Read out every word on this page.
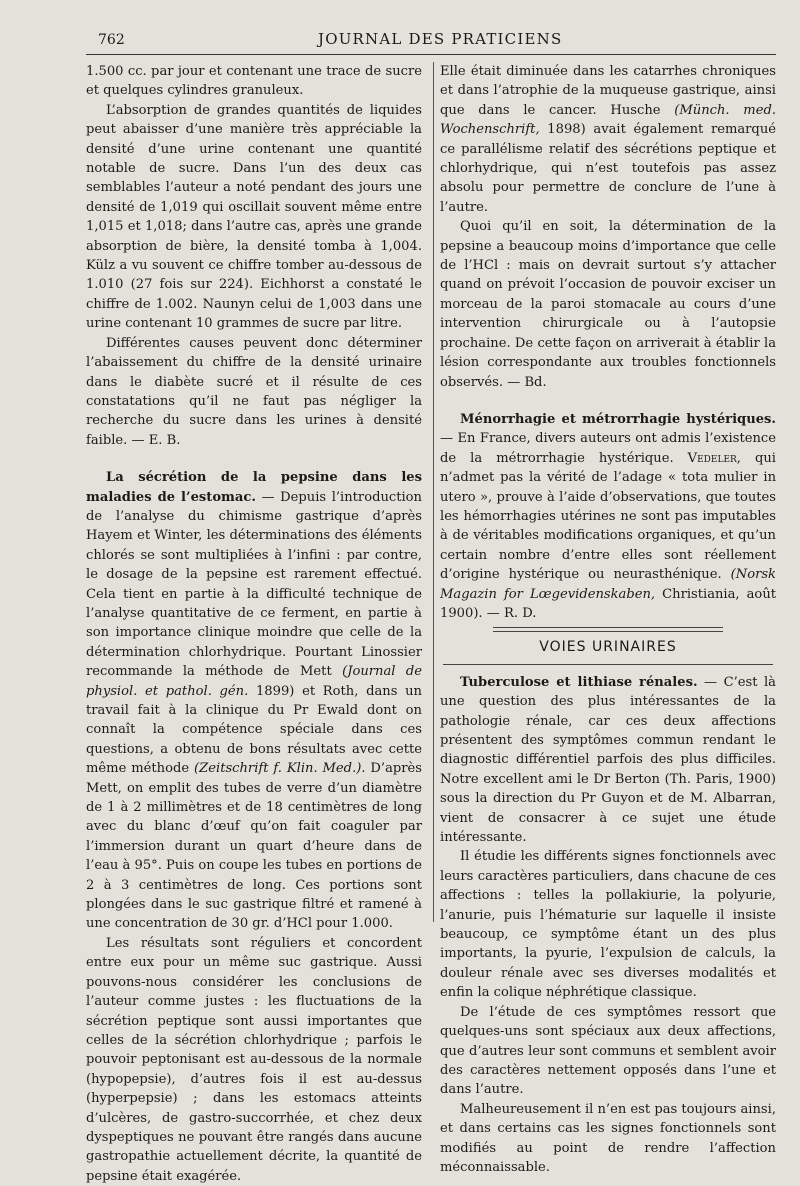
762	JOURNAL DES PRATICIENS

1.500 cc. par jour et contenant une trace de sucre et quelques cylindres granuleux.

L’absorption de grandes quantités de liquides peut abaisser d’une manière très appréciable la densité d’une urine contenant une quantité notable de sucre. Dans l’un des deux cas semblables l’auteur a noté pendant des jours une densité de 1,019 qui oscillait souvent même entre 1,015 et 1,018; dans l’autre cas, après une grande absorption de bière, la densité tomba à 1,004. Külz a vu souvent ce chiffre tomber au-dessous de 1.010 (27 fois sur 224). Eichhorst a constaté le chiffre de 1.002. Naunyn celui de 1,003 dans une urine contenant 10 grammes de sucre par litre.

Différentes causes peuvent donc déterminer l’abaissement du chiffre de la densité urinaire dans le diabète sucré et il résulte de ces constatations qu’il ne faut pas négliger la recherche du sucre dans les urines à densité faible. — E. B.

La sécrétion de la pepsine dans les maladies de l’estomac. — Depuis l’introduction de l’analyse du chimisme gastrique d’après Hayem et Winter, les déterminations des éléments chlorés se sont multipliées à l’infini : par contre, le dosage de la pepsine est rarement effectué. Cela tient en partie à la difficulté technique de l’analyse quantitative de ce ferment, en partie à son importance clinique moindre que celle de la détermination chlorhydrique. Pourtant Linossier recommande la méthode de Mett (Journal de physiol. et pathol. gén. 1899) et Roth, dans un travail fait à la clinique du Pr Ewald dont on connaît la compétence spéciale dans ces questions, a obtenu de bons résultats avec cette même méthode (Zeitschrift f. Klin. Med.). D’après Mett, on emplit des tubes de verre d’un diamètre de 1 à 2 millimètres et de 18 centimètres de long avec du blanc d’œuf qu’on fait coaguler par l’immersion durant un quart d’heure dans de l’eau à 95°. Puis on coupe les tubes en portions de 2 à 3 centimètres de long. Ces portions sont plongées dans le suc gastrique filtré et ramené à une concentration de 30 gr. d’HCl pour 1.000.

Les résultats sont réguliers et concordent entre eux pour un même suc gastrique. Aussi pouvons-nous considérer les conclusions de l’auteur comme justes : les fluctuations de la sécrétion peptique sont aussi importantes que celles de la sécrétion chlorhydrique ; parfois le pouvoir peptonisant est au-dessous de la normale (hypopepsie), d’autres fois il est au-dessus (hyperpepsie) ; dans les estomacs atteints d’ulcères, de gastro-succorrhée, et chez deux dyspeptiques ne pouvant être rangés dans aucune gastropathie actuellement décrite, la quantité de pepsine était exagérée.

Elle était diminuée dans les catarrhes chroniques et dans l’atrophie de la muqueuse gastrique, ainsi que dans le cancer. Husche (Münch. med. Wochenschrift, 1898) avait également remarqué ce parallélisme relatif des sécrétions peptique et chlorhydrique, qui n’est toutefois pas assez absolu pour permettre de conclure de l’une à l’autre.

Quoi qu’il en soit, la détermination de la pepsine a beaucoup moins d’importance que celle de l’HCl : mais on devrait surtout s’y attacher quand on prévoit l’occasion de pouvoir exciser un morceau de la paroi stomacale au cours d’une intervention chirurgicale ou à l’autopsie prochaine. De cette façon on arriverait à établir la lésion correspondante aux troubles fonctionnels observés. — Bd.

Ménorrhagie et métrorrhagie hystériques. — En France, divers auteurs ont admis l’existence de la métrorrhagie hystérique. Vedeler, qui n’admet pas la vérité de l’adage « tota mulier in utero », prouve à l’aide d’observations, que toutes les hémorrhagies utérines ne sont pas imputables à de véritables modifications organiques, et qu’un certain nombre d’entre elles sont réellement d’origine hystérique ou neurasthénique. (Norsk Magazin for Lœgevidenskaben, Christiania, août 1900). — R. D.

VOIES URINAIRES

Tuberculose et lithiase rénales. — C’est là une question des plus intéressantes de la pathologie rénale, car ces deux affections présentent des symptômes commun rendant le diagnostic différentiel parfois des plus difficiles. Notre excellent ami le Dr Berton (Th. Paris, 1900) sous la direction du Pr Guyon et de M. Albarran, vient de consacrer à ce sujet une étude intéressante.

Il étudie les différents signes fonctionnels avec leurs caractères particuliers, dans chacune de ces affections : telles la pollakiurie, la polyurie, l’anurie, puis l’hématurie sur laquelle il insiste beaucoup, ce symptôme étant un des plus importants, la pyurie, l’expulsion de calculs, la douleur rénale avec ses diverses modalités et enfin la colique néphrétique classique.

De l’étude de ces symptômes ressort que quelques-uns sont spéciaux aux deux affections, que d’autres leur sont communs et semblent avoir des caractères nettement opposés dans l’une et dans l’autre.

Malheureusement il n’en est pas toujours ainsi, et dans certains cas les signes fonctionnels sont modifiés au point de rendre l’affection méconnaissable.
